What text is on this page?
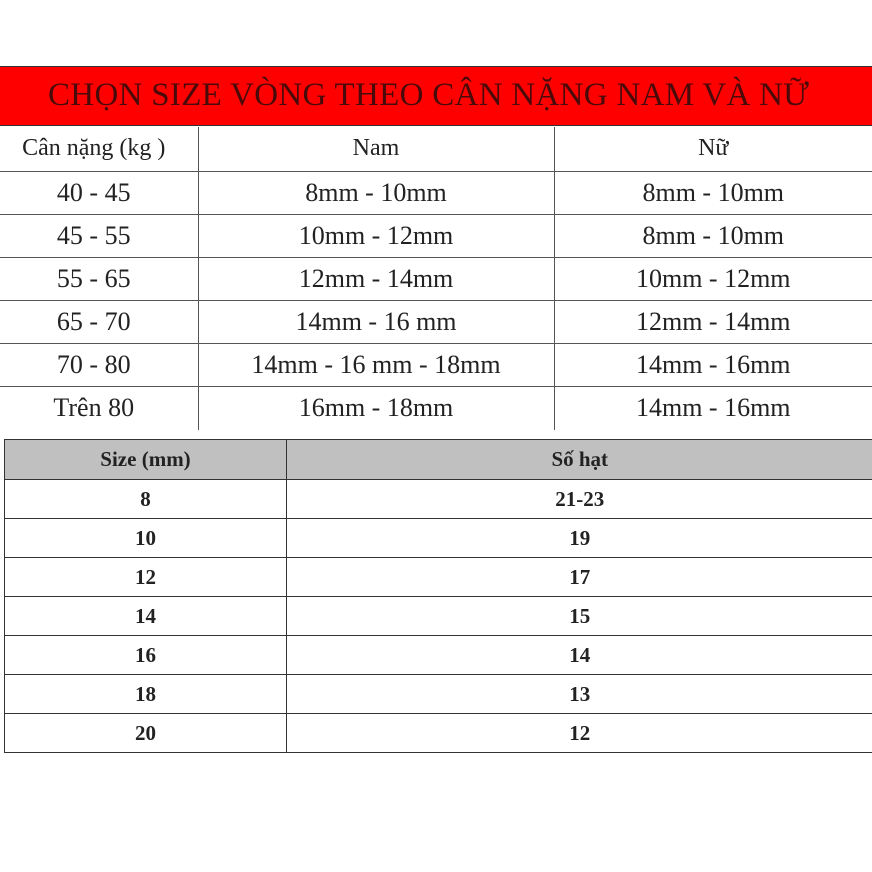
CHỌN SIZE VÒNG THEO CÂN NẶNG NAM VÀ NỮ
Cân nặng (kg )	Nam	Nữ
40 - 45	8mm - 10mm	8mm - 10mm
45 - 55	10mm - 12mm	8mm - 10mm
55 - 65	12mm - 14mm	10mm - 12mm
65 - 70	14mm - 16 mm	12mm - 14mm
70 - 80	14mm - 16 mm - 18mm	14mm - 16mm
Trên 80	16mm - 18mm	14mm - 16mm
Size (mm)	Số hạt
8	21-23
10	19
12	17
14	15
16	14
18	13
20	12
